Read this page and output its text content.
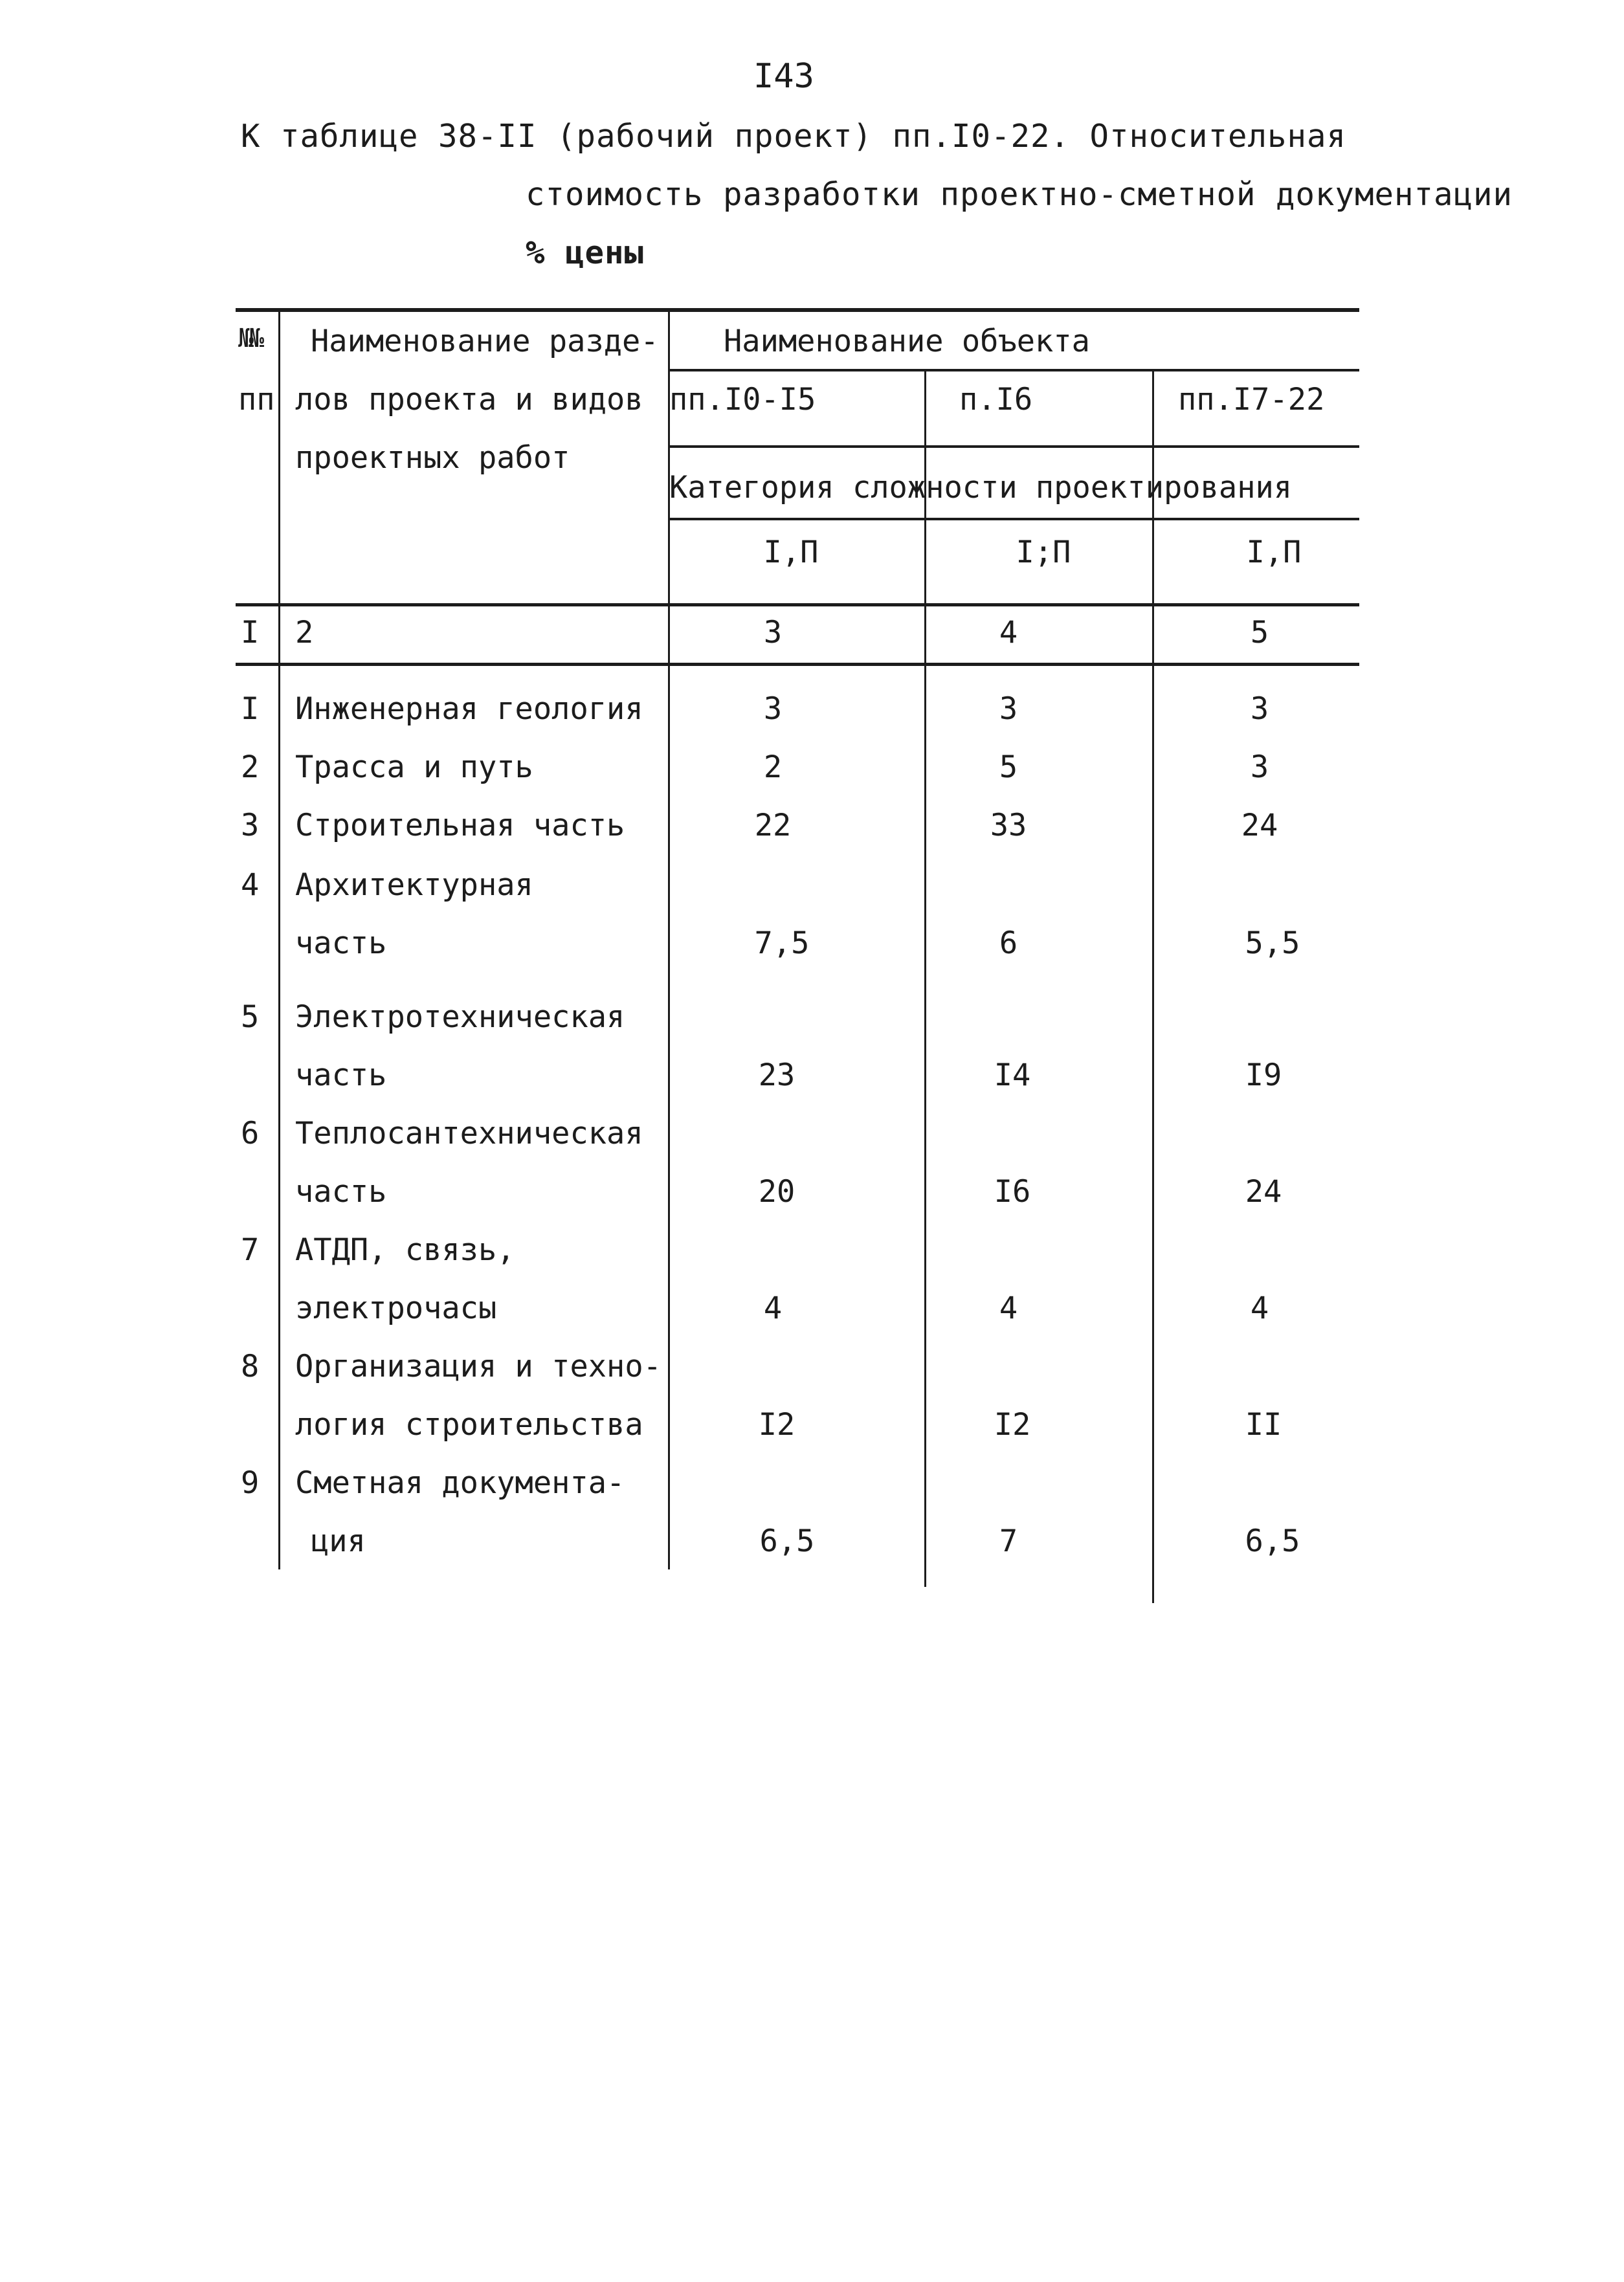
I43
К таблице 38-II (рабочий проект) пп.I0-22. Относительная
стоимость разработки проектно-сметной документации
% цены
№№
пп
Наименование разде-
лов проекта и видов
проектных работ
Наименование объекта
пп.I0-I5	п.I6	пп.I7-22
Категория сложности проектирования
I,П	I;П	I,П
I 2	3	4	5
I Инженерная геология	3	3	3
2 Трасса и путь	2	5	3
3 Строительная часть	22	33	24
4 Архитектурная
часть	7,5	6	5,5
5 Электротехническая
часть	23	I4	I9
6 Теплосантехническая
часть	20	I6	24
7 АТДП, связь,
электрочасы	4	4	4
8 Организация и техно-
логия строительства	I2	I2	II
9 Сметная документа-
ция	6,5	7	6,5
